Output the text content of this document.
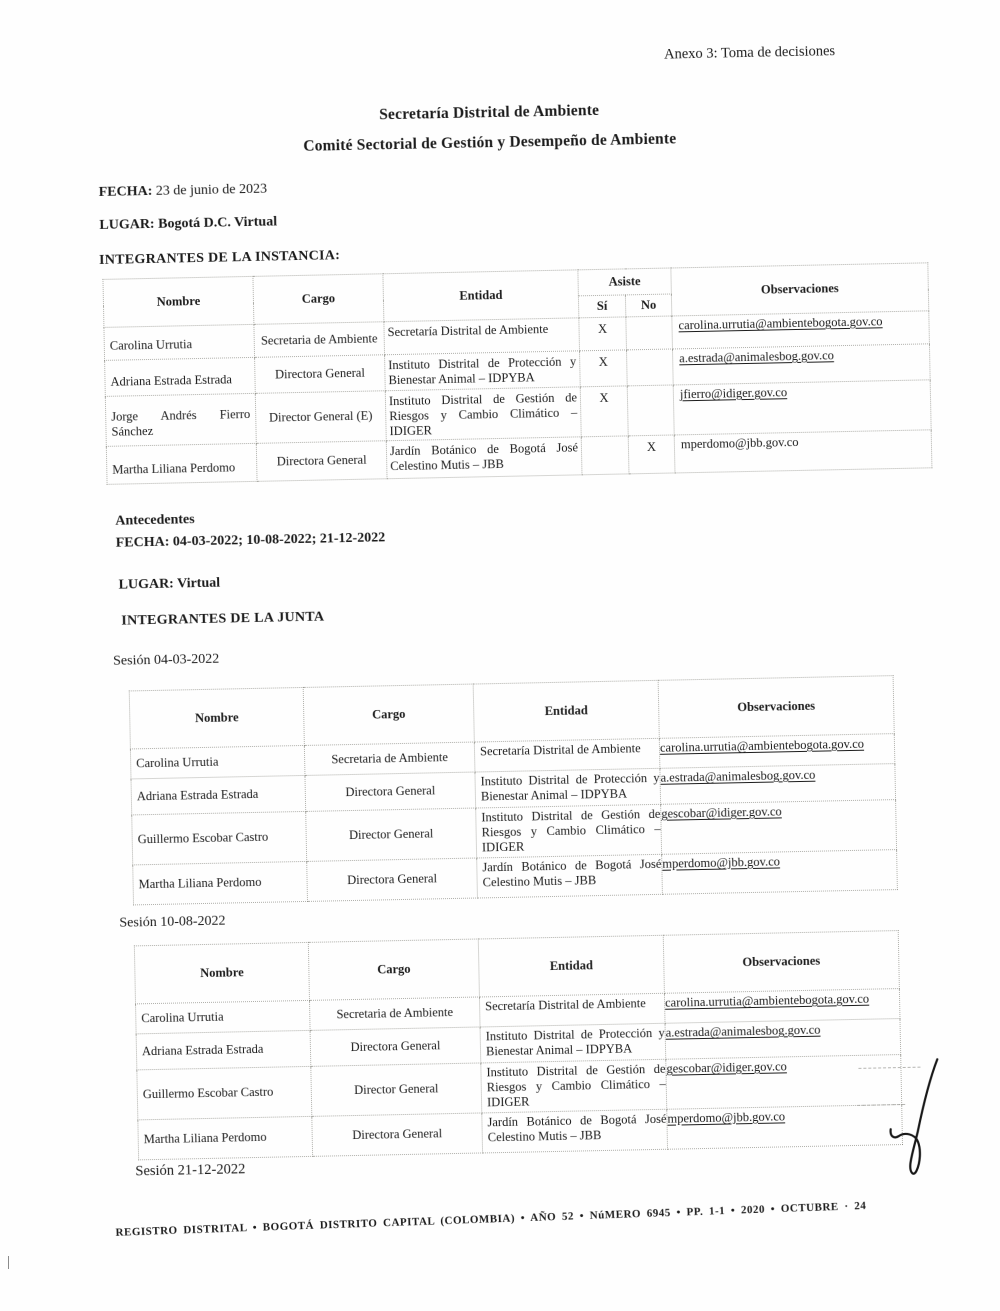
Anexo 3: Toma de decisiones
Secretaría Distrital de Ambiente
Comité Sectorial de Gestión y Desempeño de Ambiente
FECHA: 23 de junio de 2023
LUGAR: Bogotá D.C. Virtual
INTEGRANTES DE LA INSTANCIA:
Nombre	Cargo	Entidad	Asiste		Observaciones
			Sí	No	
Carolina Urrutia	Secretaria de Ambiente	Secretaría Distrital de Ambiente	X		carolina.urrutia@ambientebogota.gov.co
Adriana Estrada Estrada	Directora General	Instituto Distrital de Protección y Bienestar Animal – IDPYBA	X		a.estrada@animalesbog.gov.co
Jorge Andrés Fierro Sánchez	Director General (E)	Instituto Distrital de Gestión de Riesgos y Cambio Climático – IDIGER	X		jfierro@idiger.gov.co
Martha Liliana Perdomo	Directora General	Jardín Botánico de Bogotá José Celestino Mutis – JBB		X	mperdomo@jbb.gov.co
Antecedentes
FECHA: 04-03-2022; 10-08-2022; 21-12-2022
LUGAR: Virtual
INTEGRANTES DE LA JUNTA
Sesión 04-03-2022
Nombre	Cargo	Entidad	Observaciones
Carolina Urrutia	Secretaria de Ambiente	Secretaría Distrital de Ambiente	carolina.urrutia@ambientebogota.gov.co
Adriana Estrada Estrada	Directora General	Instituto Distrital de Protección y Bienestar Animal – IDPYBA	a.estrada@animalesbog.gov.co
Guillermo Escobar Castro	Director General	Instituto Distrital de Gestión de Riesgos y Cambio Climático – IDIGER	gescobar@idiger.gov.co
Martha Liliana Perdomo	Directora General	Jardín Botánico de Bogotá José Celestino Mutis – JBB	mperdomo@jbb.gov.co
Sesión 10-08-2022
Nombre	Cargo	Entidad	Observaciones
Carolina Urrutia	Secretaria de Ambiente	Secretaría Distrital de Ambiente	carolina.urrutia@ambientebogota.gov.co
Adriana Estrada Estrada	Directora General	Instituto Distrital de Protección y Bienestar Animal – IDPYBA	a.estrada@animalesbog.gov.co
Guillermo Escobar Castro	Director General	Instituto Distrital de Gestión de Riesgos y Cambio Climático – IDIGER	gescobar@idiger.gov.co
Martha Liliana Perdomo	Directora General	Jardín Botánico de Bogotá José Celestino Mutis – JBB	mperdomo@jbb.gov.co
Sesión 21-12-2022
REGISTRO DISTRITAL • BOGOTÁ DISTRITO CAPITAL (COLOMBIA) • AÑO 52 • NúMERO 6945 • PP. 1-1 • 2020 • OCTUBRE · 24
